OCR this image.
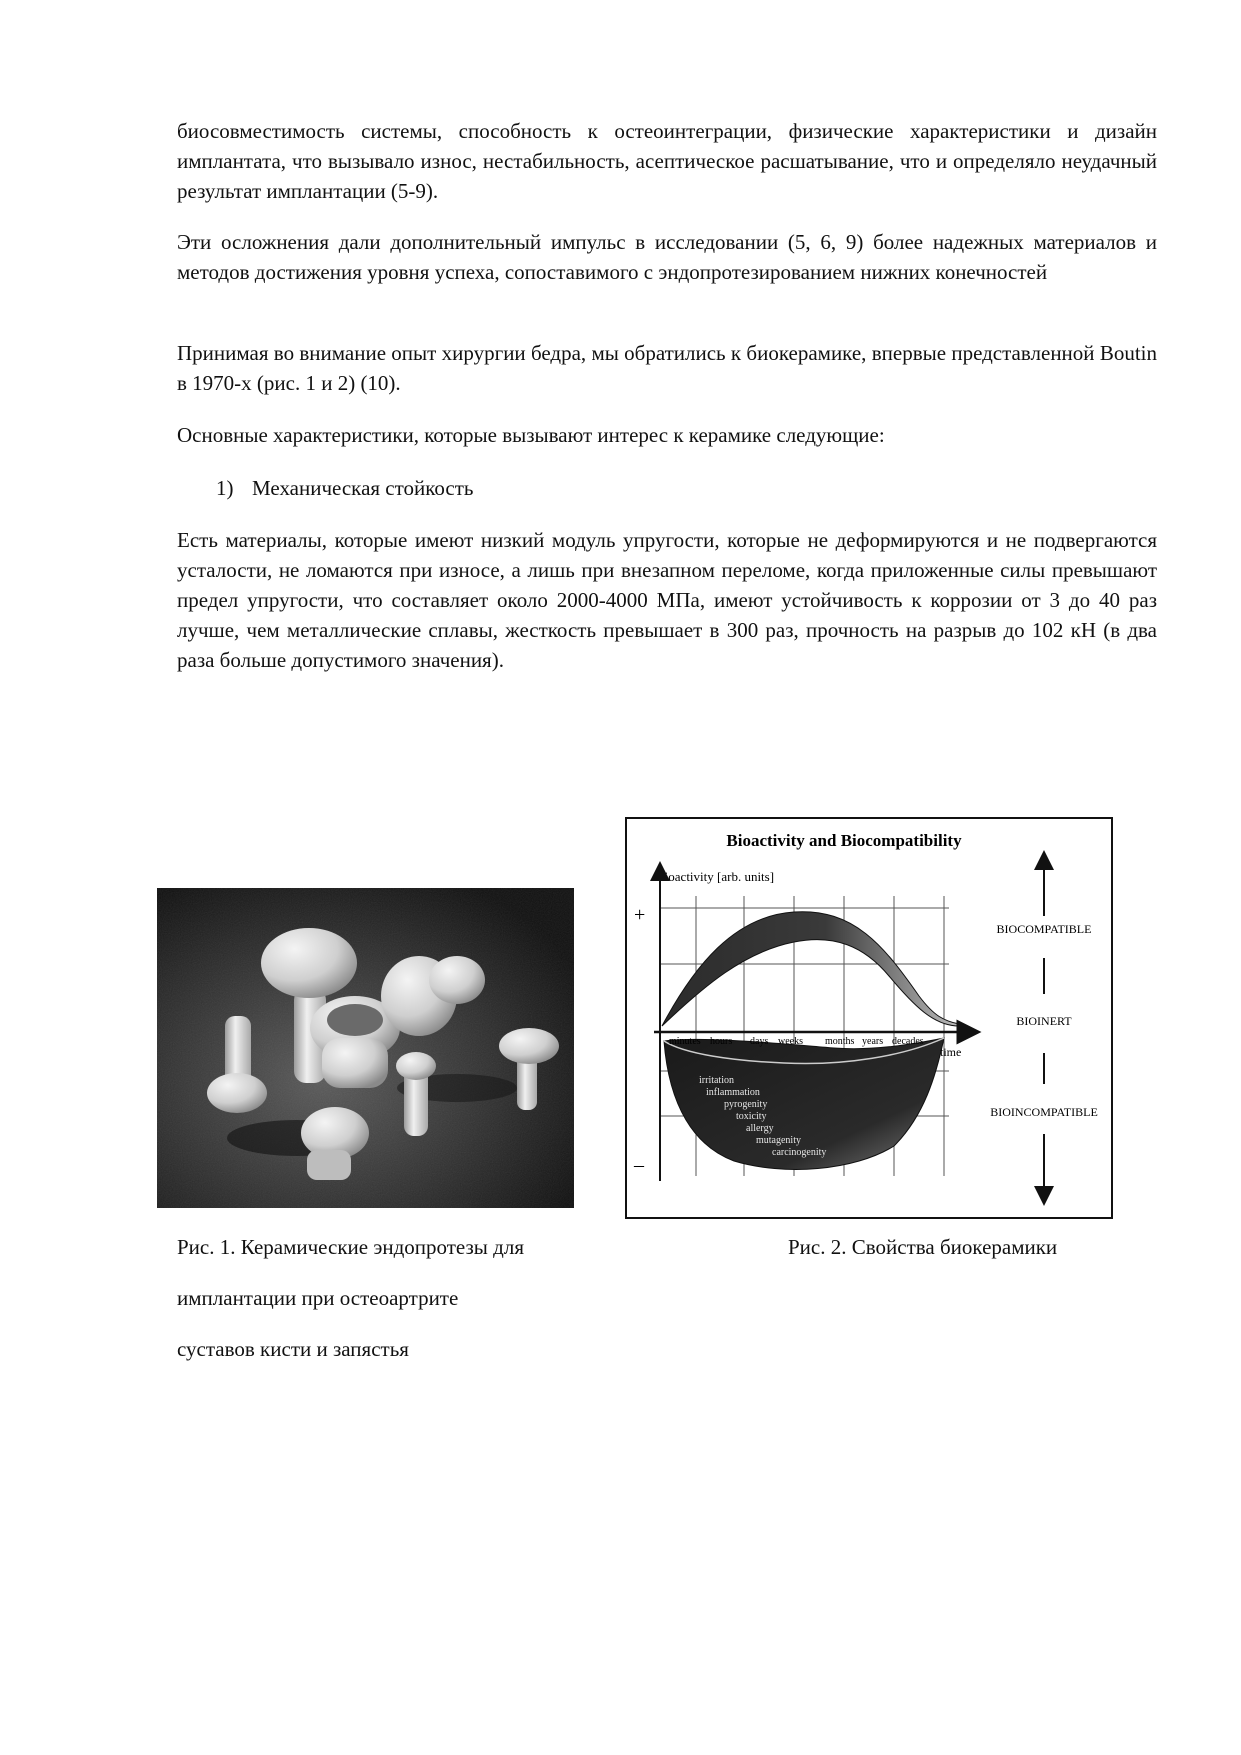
биосовместимость системы, способность к остеоинтеграции, физические характеристики и дизайн имплантата, что вызывало износ, нестабильность, асептическое расшатывание, что и определяло неудачный результат имплантации (5-9).

Эти осложнения дали дополнительный импульс в исследовании (5, 6, 9) более надежных материалов и методов достижения уровня успеха, сопоставимого с эндопротезированием нижних конечностей

Принимая во внимание опыт хирургии бедра, мы обратились к биокерамике, впервые представленной Boutin в 1970-х (рис. 1 и 2) (10).

Основные характеристики, которые вызывают интерес к керамике следующие:

1) Механическая стойкость

Есть материалы, которые имеют низкий модуль упругости, которые не деформируются и не подвергаются усталости, не ломаются при износе, а лишь при внезапном переломе, когда приложенные силы превышают предел упругости, что составляет около 2000-4000 МПа, имеют устойчивость к коррозии от 3 до 40 раз лучше, чем металлические сплавы, жесткость превышает в 300 раз, прочность на разрыв до 102 кН (в два раза больше допустимого значения).

Bioactivity and Biocompatibility
Bioactivity [arb. units]
+
–
time
minutes hours days weeks months years decades
irritation
inflammation
pyrogenity
toxicity
allergy
mutagenity
carcinogenity
BIOCOMPATIBLE
BIOINERT
BIOINCOMPATIBLE

Рис. 1. Керамические эндопротезы для

имплантации при остеоартрите

суставов кисти и запястья

Рис. 2. Свойства биокерамики
